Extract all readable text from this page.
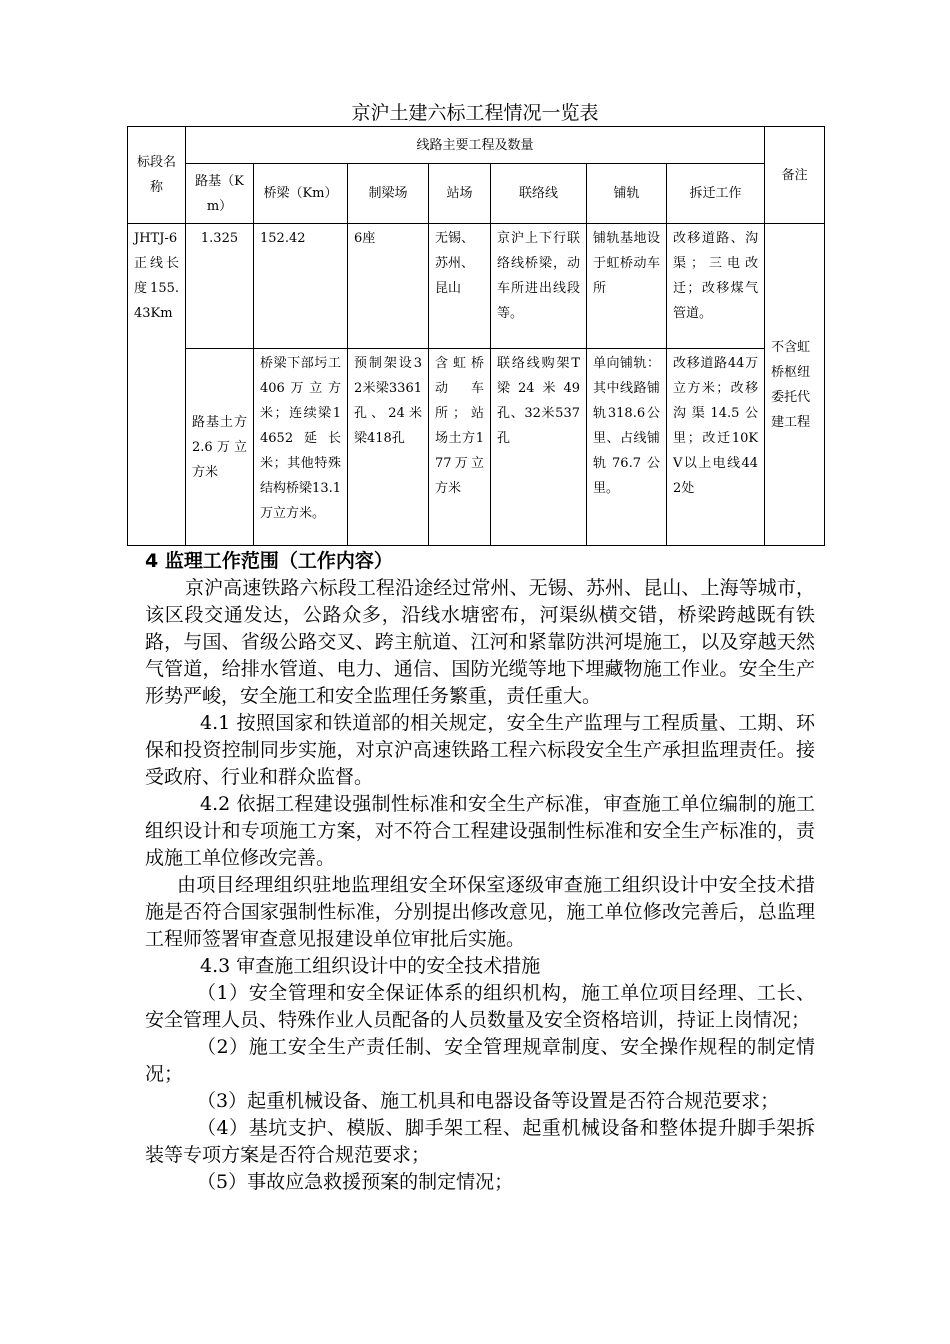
京沪土建六标工程情况一览表
标段名称	线路主要工程及数量							备注
	路基（Km）	桥梁（Km）	制梁场	站场	联络线	铺轨	拆迁工作	
JHTJ-6正线长度155.43Km	1.325	152.42	6座	无锡、苏州、昆山	京沪上下行联络线桥梁，动车所进出线段等。	铺轨基地设于虹桥动车所	改移道路、沟渠；三电改迁；改移煤气管道。	不含虹桥枢纽委托代建工程
	路基土方 2.6万立方米	桥梁下部圬工406万立方米；连续梁14652延长米；其他特殊结构桥梁13.1万立方米。	预制架设32米梁3361孔、24米梁418孔	含虹桥动车所；站场土方177万立方米	联络线购架T梁24米49孔、32米537孔	单向铺轨：其中线路铺轨318.6公里、占线铺轨76.7公里。	改移道路44万立方米；改移沟渠14.5公里；改迁10KV以上电线442处	

4 监理工作范围（工作内容）

京沪高速铁路六标段工程沿途经过常州、无锡、苏州、昆山、上海等城市，该区段交通发达，公路众多，沿线水塘密布，河渠纵横交错，桥梁跨越既有铁路，与国、省级公路交叉、跨主航道、江河和紧靠防洪河堤施工，以及穿越天然气管道，给排水管道、电力、通信、国防光缆等地下埋藏物施工作业。安全生产形势严峻，安全施工和安全监理任务繁重，责任重大。

4.1 按照国家和铁道部的相关规定，安全生产监理与工程质量、工期、环保和投资控制同步实施，对京沪高速铁路工程六标段安全生产承担监理责任。接受政府、行业和群众监督。

4.2 依据工程建设强制性标准和安全生产标准，审查施工单位编制的施工组织设计和专项施工方案，对不符合工程建设强制性标准和安全生产标准的，责成施工单位修改完善。

由项目经理组织驻地监理组安全环保室逐级审查施工组织设计中安全技术措施是否符合国家强制性标准，分别提出修改意见，施工单位修改完善后，总监理工程师签署审查意见报建设单位审批后实施。

4.3 审查施工组织设计中的安全技术措施

（1）安全管理和安全保证体系的组织机构，施工单位项目经理、工长、安全管理人员、特殊作业人员配备的人员数量及安全资格培训，持证上岗情况；

（2）施工安全生产责任制、安全管理规章制度、安全操作规程的制定情况；

（3）起重机械设备、施工机具和电器设备等设置是否符合规范要求；

（4）基坑支护、模版、脚手架工程、起重机械设备和整体提升脚手架拆装等专项方案是否符合规范要求；

（5）事故应急救援预案的制定情况；
